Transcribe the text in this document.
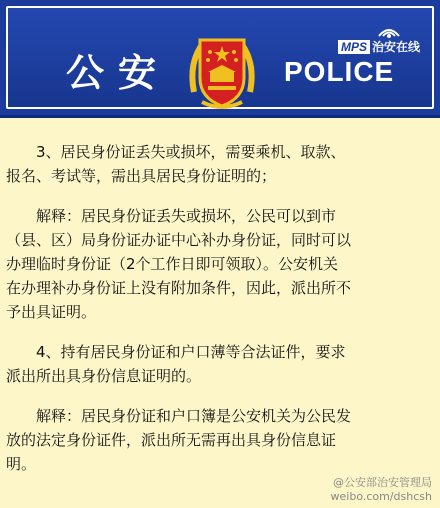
公安	POLICE
MPS 治安在线

　　3、居民身份证丢失或损坏，需要乘机、取款、

报名、考试等，需出具居民身份证明的；

　　解释：居民身份证丢失或损坏，公民可以到市

（县、区）局身份证办证中心补办身份证，同时可以

办理临时身份证（2个工作日即可领取）。公安机关

在办理补办身份证上没有附加条件，因此，派出所不

予出具证明。

　　4、持有居民身份证和户口薄等合法证件，要求

派出所出具身份信息证明的。

　　解释：居民身份证和户口簿是公安机关为公民发

放的法定身份证件，派出所无需再出具身份信息证

明。

@公安部治安管理局
weibo.com/dshcsh
